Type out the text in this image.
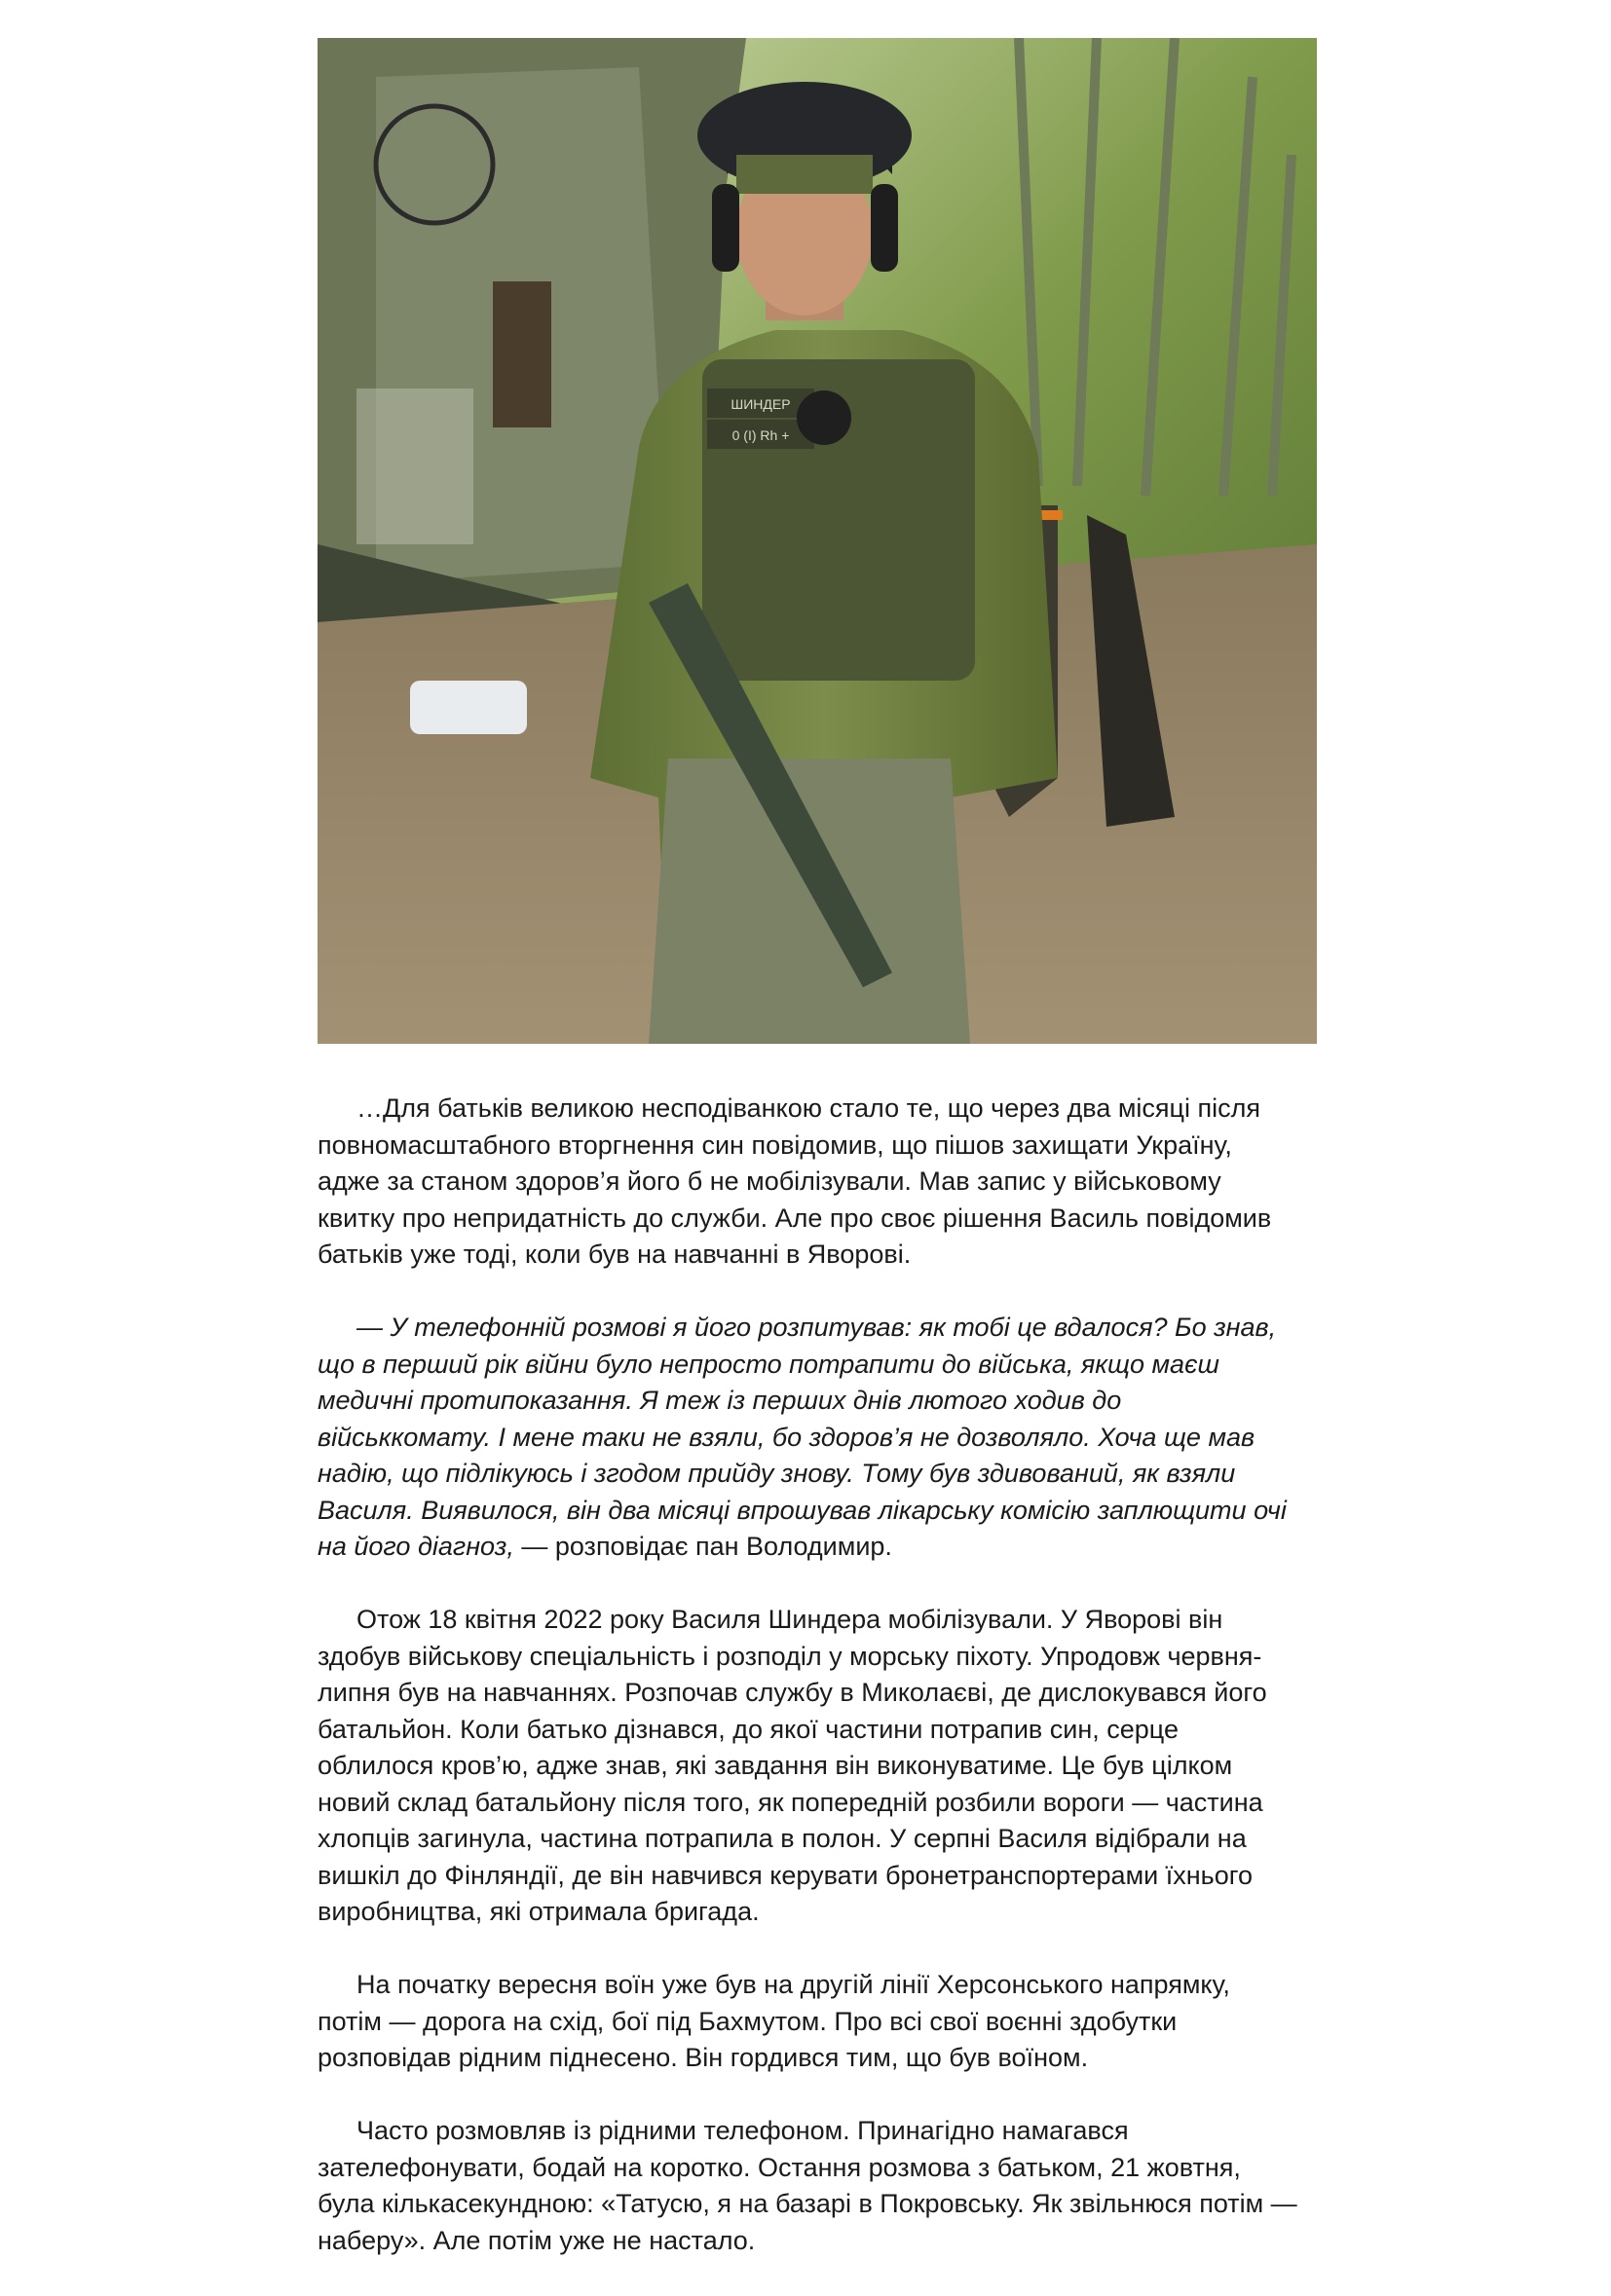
ШИНДЕР
0 (I) Rh +

…Для батьків великою несподіванкою стало те, що через два місяці після повномасштабного вторгнення син повідомив, що пішов захищати Україну, адже за станом здоров’я його б не мобілізували. Мав запис у військовому квитку про непридатність до служби. Але про своє рішення Василь повідомив батьків уже тоді, коли був на навчанні в Яворові.

— У телефонній розмові я його розпитував: як тобі це вдалося? Бо знав, що в перший рік війни було непросто потрапити до війська, якщо маєш медичні протипоказання. Я теж із перших днів лютого ходив до військкомату. І мене таки не взяли, бо здоров’я не дозволяло. Хоча ще мав надію, що підлікуюсь і згодом прийду знову. Тому був здивований, як взяли Василя. Виявилося, він два місяці впрошував лікарську комісію заплющити очі на його діагноз, — розповідає пан Володимир.

Отож 18 квітня 2022 року Василя Шиндера мобілізували. У Яворові він здобув військову спеціальність і розподіл у морську піхоту. Упродовж червня-липня був на навчаннях. Розпочав службу в Миколаєві, де дислокувався його батальйон. Коли батько дізнався, до якої частини потрапив син, серце облилося кров’ю, адже знав, які завдання він виконуватиме. Це був цілком новий склад батальйону після того, як попередній розбили вороги — частина хлопців загинула, частина потрапила в полон. У серпні Василя відібрали на вишкіл до Фінляндії, де він навчився керувати бронетранспортерами їхнього виробництва, які отримала бригада.

На початку вересня воїн уже був на другій лінії Херсонського напрямку, потім — дорога на схід, бої під Бахмутом. Про всі свої воєнні здобутки розповідав рідним піднесено. Він гордився тим, що був воїном.

Часто розмовляв із рідними телефоном. Принагідно намагався зателефонувати, бодай на коротко. Остання розмова з батьком, 21 жовтня, була кількасекундною: «Татусю, я на базарі в Покровську. Як звільнюся потім — наберу». Але потім уже не настало.
